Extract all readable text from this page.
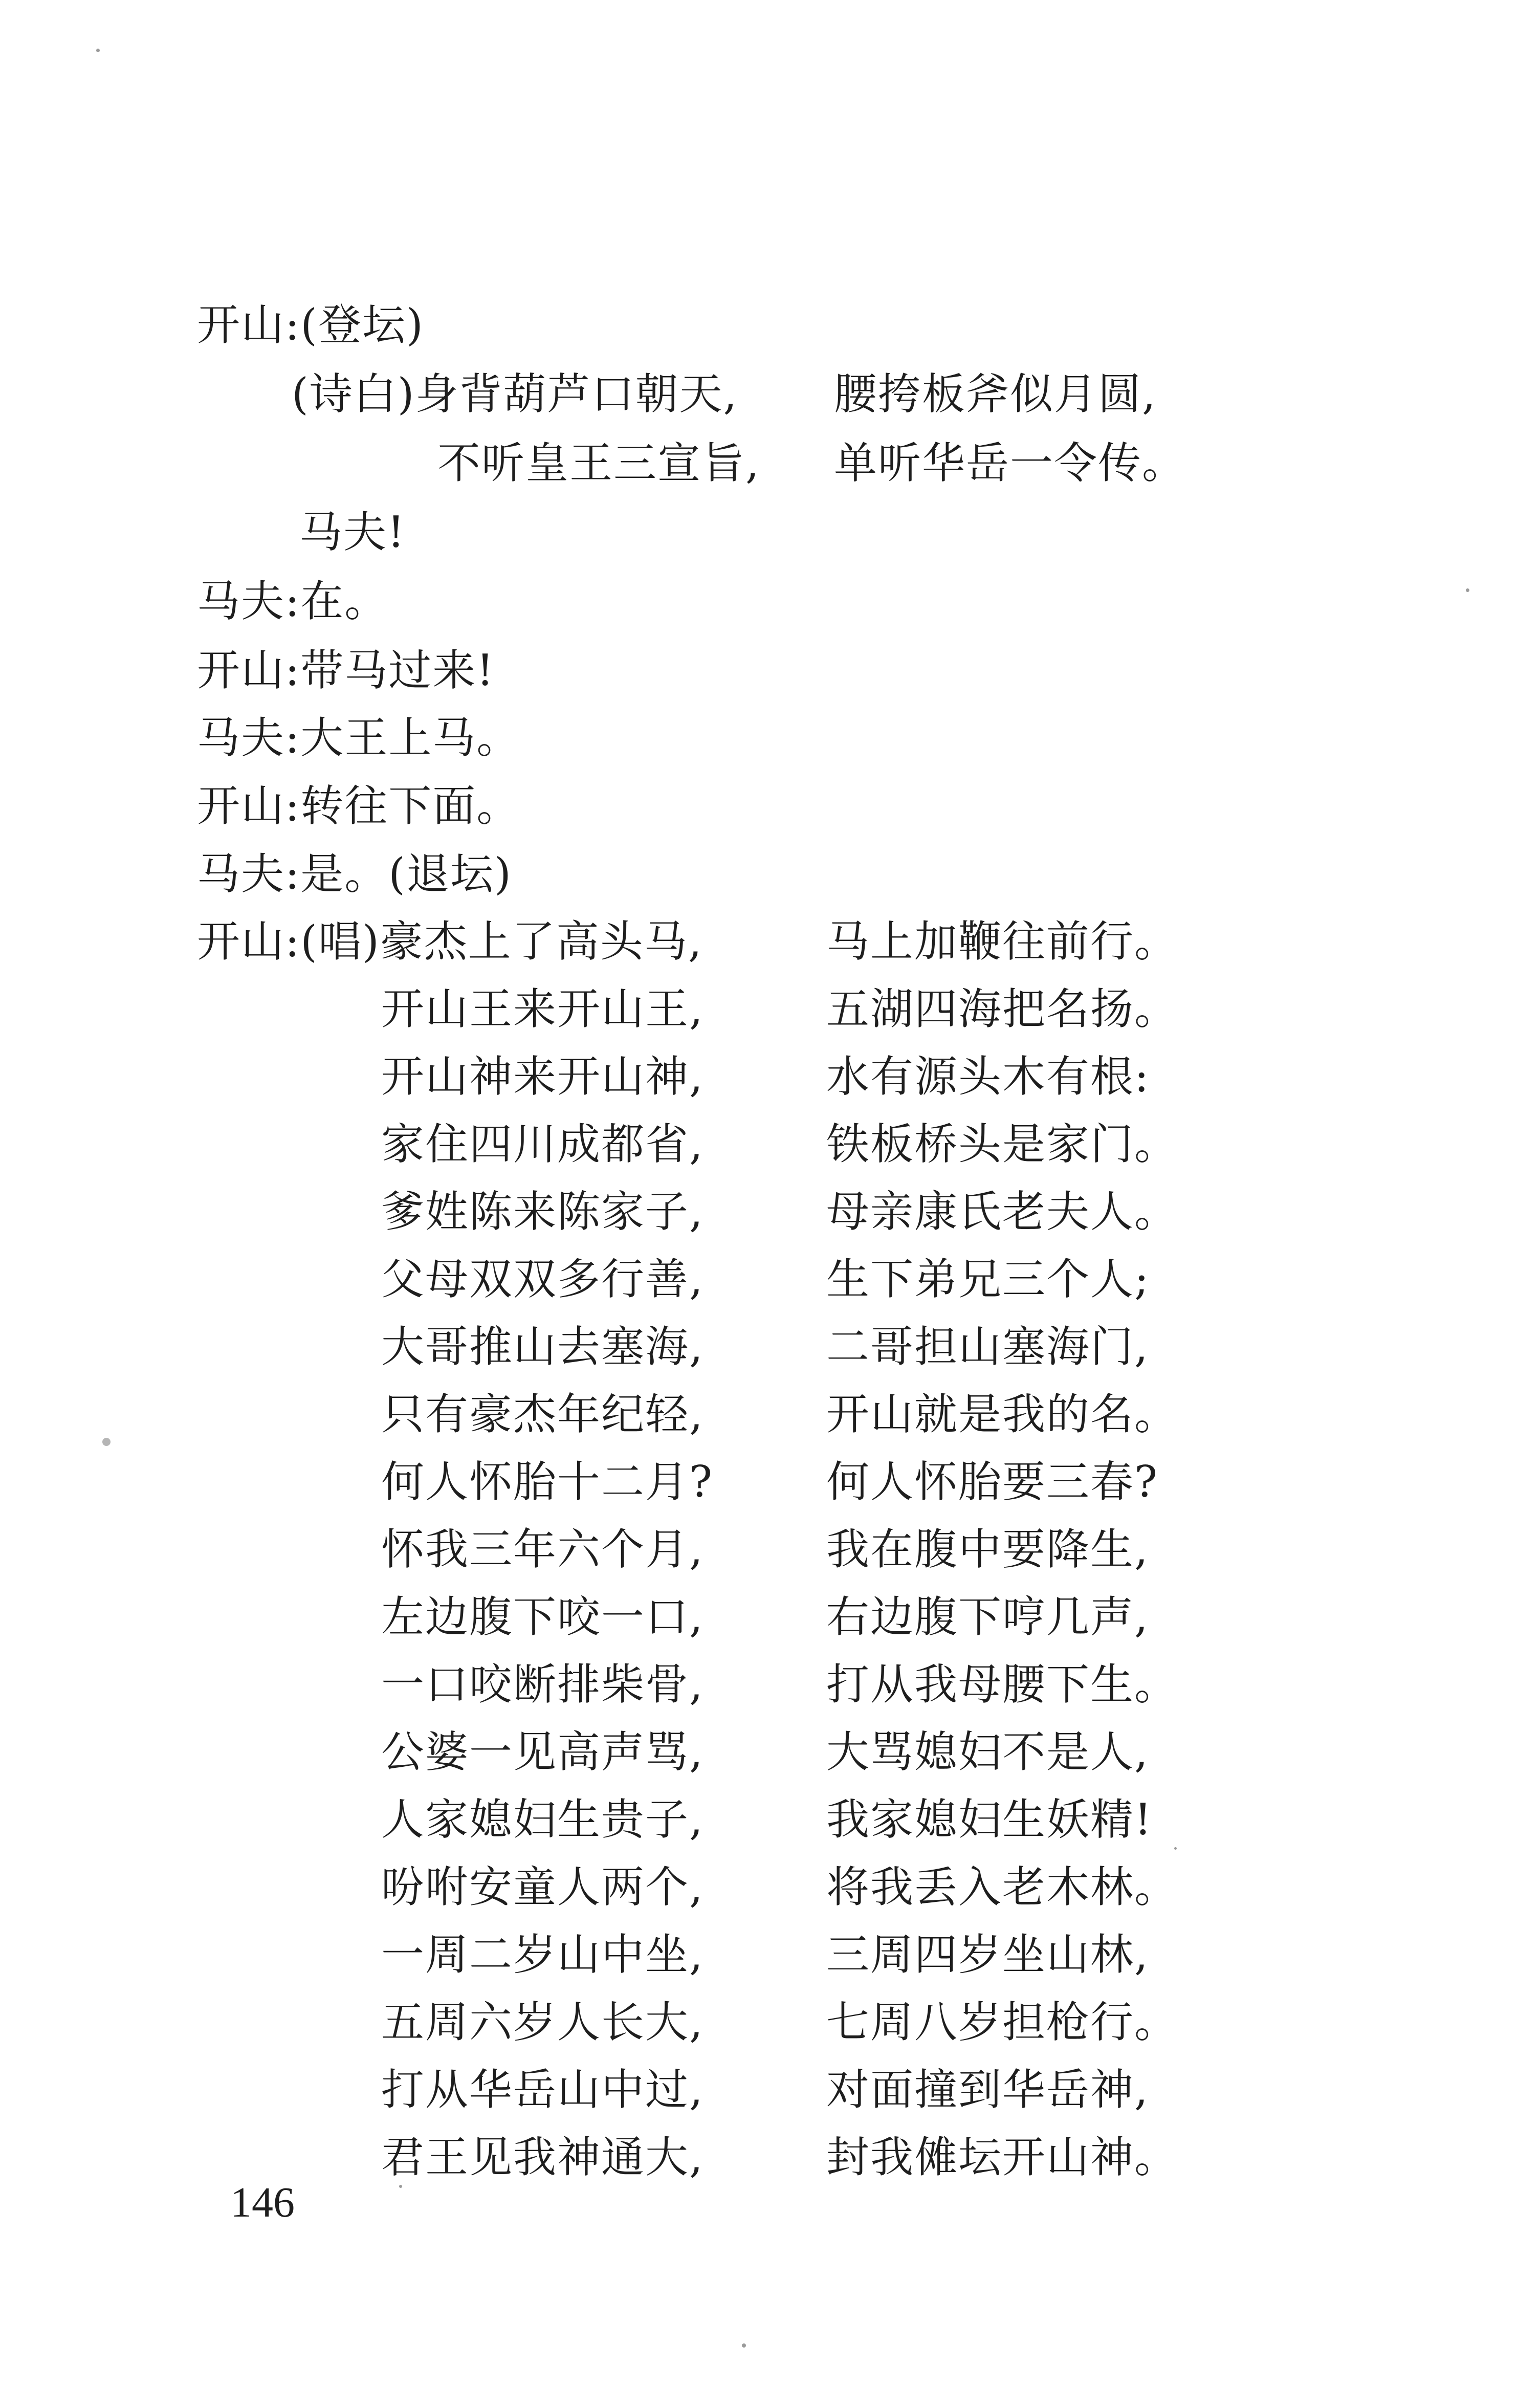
开山:(登坛)
(诗白)身背葫芦口朝天, 腰挎板斧似月圆,
不听皇王三宣旨, 单听华岳一令传。
马夫!
马夫:在。
开山:带马过来!
马夫:大王上马。
开山:转往下面。
马夫:是。(退坛)
开山:(唱)豪杰上了高头马,	马上加鞭往前行。
开山王来开山王,	五湖四海把名扬。
开山神来开山神,	水有源头木有根:
家住四川成都省,	铁板桥头是家门。
爹姓陈来陈家子,	母亲康氏老夫人。
父母双双多行善,	生下弟兄三个人;
大哥推山去塞海,	二哥担山塞海门,
只有豪杰年纪轻,	开山就是我的名。
何人怀胎十二月?	何人怀胎要三春?
怀我三年六个月,	我在腹中要降生,
左边腹下咬一口,	右边腹下哼几声,
一口咬断排柴骨,	打从我母腰下生。
公婆一见高声骂,	大骂媳妇不是人,
人家媳妇生贵子,	我家媳妇生妖精!
吩咐安童人两个,	将我丢入老木林。
一周二岁山中坐,	三周四岁坐山林,
五周六岁人长大,	七周八岁担枪行。
打从华岳山中过,	对面撞到华岳神,
君王见我神通大,	封我傩坛开山神。
146
